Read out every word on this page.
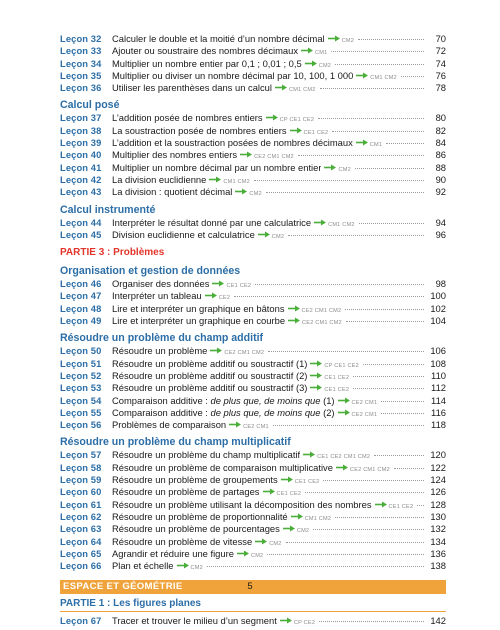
Leçon 32	Calculer le double et la moitié d’un nombre décimal	CM2	70
Leçon 33	Ajouter ou soustraire des nombres décimaux	CM1	72
Leçon 34	Multiplier un nombre entier par 0,1 ; 0,01 ; 0,5	CM2	74
Leçon 35	Multiplier ou diviser un nombre décimal par 10, 100, 1 000	CM1 CM2	76
Leçon 36	Utiliser les parenthèses dans un calcul	CM1 CM2	78
Calcul posé
Leçon 37	L’addition posée de nombres entiers	CP CE1 CE2	80
Leçon 38	La soustraction posée de nombres entiers	CE1 CE2	82
Leçon 39	L’addition et la soustraction posées de nombres décimaux	CM1	84
Leçon 40	Multiplier des nombres entiers	CE2 CM1 CM2	86
Leçon 41	Multiplier un nombre décimal par un nombre entier	CM2	88
Leçon 42	La division euclidienne	CM1 CM2	90
Leçon 43	La division : quotient décimal	CM2	92
Calcul instrumenté
Leçon 44	Interpréter le résultat donné par une calculatrice	CM1 CM2	94
Leçon 45	Division euclidienne et calculatrice	CM2	96
PARTIE 3 : Problèmes
Organisation et gestion de données
Leçon 46	Organiser des données	CE1 CE2	98
Leçon 47	Interpréter un tableau	CE2	100
Leçon 48	Lire et interpréter un graphique en bâtons	CE2 CM1 CM2	102
Leçon 49	Lire et interpréter un graphique en courbe	CE2 CM1 CM2	104
Résoudre un problème du champ additif
Leçon 50	Résoudre un problème	CE2 CM1 CM2	106
Leçon 51	Résoudre un problème additif ou soustractif (1)	CP CE1 CE2	108
Leçon 52	Résoudre un problème additif ou soustractif (2)	CE1 CE2	110
Leçon 53	Résoudre un problème additif ou soustractif (3)	CE1 CE2	112
Leçon 54	Comparaison additive : de plus que, de moins que (1)	CE2 CM1	114
Leçon 55	Comparaison additive : de plus que, de moins que (2)	CE2 CM1	116
Leçon 56	Problèmes de comparaison	CE2 CM1	118
Résoudre un problème du champ multiplicatif
Leçon 57	Résoudre un problème du champ multiplicatif	CE1 CE2 CM1 CM2	120
Leçon 58	Résoudre un problème de comparaison multiplicative	CE2 CM1 CM2	122
Leçon 59	Résoudre un problème de groupements	CE1 CE2	124
Leçon 60	Résoudre un problème de partages	CE1 CE2	126
Leçon 61	Résoudre un problème utilisant la décomposition des nombres	CE1 CE2	128
Leçon 62	Résoudre un problème de proportionnalité	CM1 CM2	130
Leçon 63	Résoudre un problème de pourcentages	CM2	132
Leçon 64	Résoudre un problème de vitesse	CM2	134
Leçon 65	Agrandir et réduire une figure	CM2	136
Leçon 66	Plan et échelle	CM2	138
ESPACE ET GÉOMÉTRIE
PARTIE 1 : Les figures planes
Leçon 67	Tracer et trouver le milieu d’un segment	CP CE2	142
5
